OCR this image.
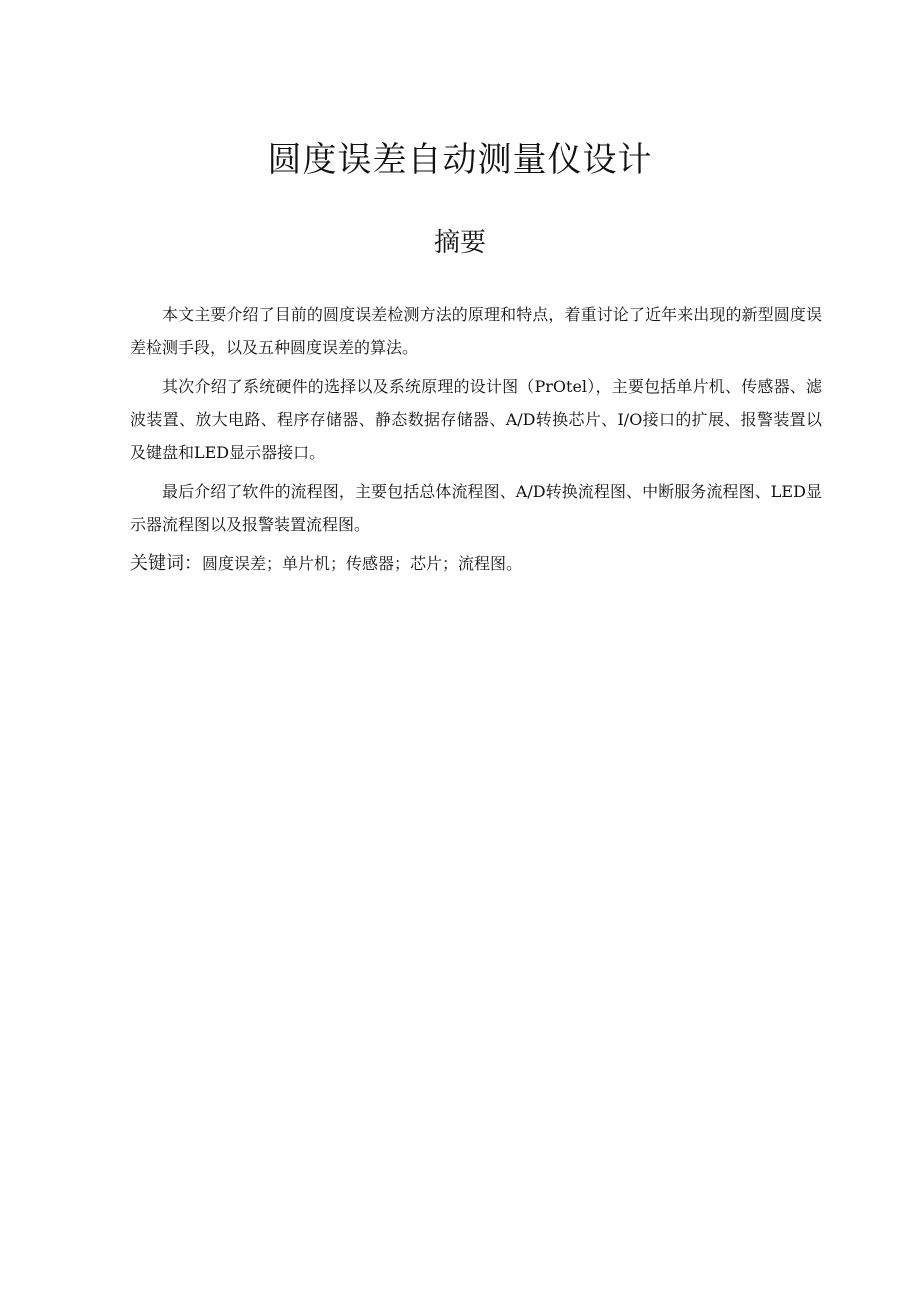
圆度误差自动测量仪设计
摘要

本文主要介绍了目前的圆度误差检测方法的原理和特点，着重讨论了近年来出现的新型圆度误差检测手段，以及五种圆度误差的算法。

其次介绍了系统硬件的选择以及系统原理的设计图（PrOtel），主要包括单片机、传感器、滤波装置、放大电路、程序存储器、静态数据存储器、A/D转换芯片、I/O接口的扩展、报警装置以及键盘和LED显示器接口。

最后介绍了软件的流程图，主要包括总体流程图、A/D转换流程图、中断服务流程图、LED显示器流程图以及报警装置流程图。

关键词：圆度误差；单片机；传感器；芯片；流程图。
